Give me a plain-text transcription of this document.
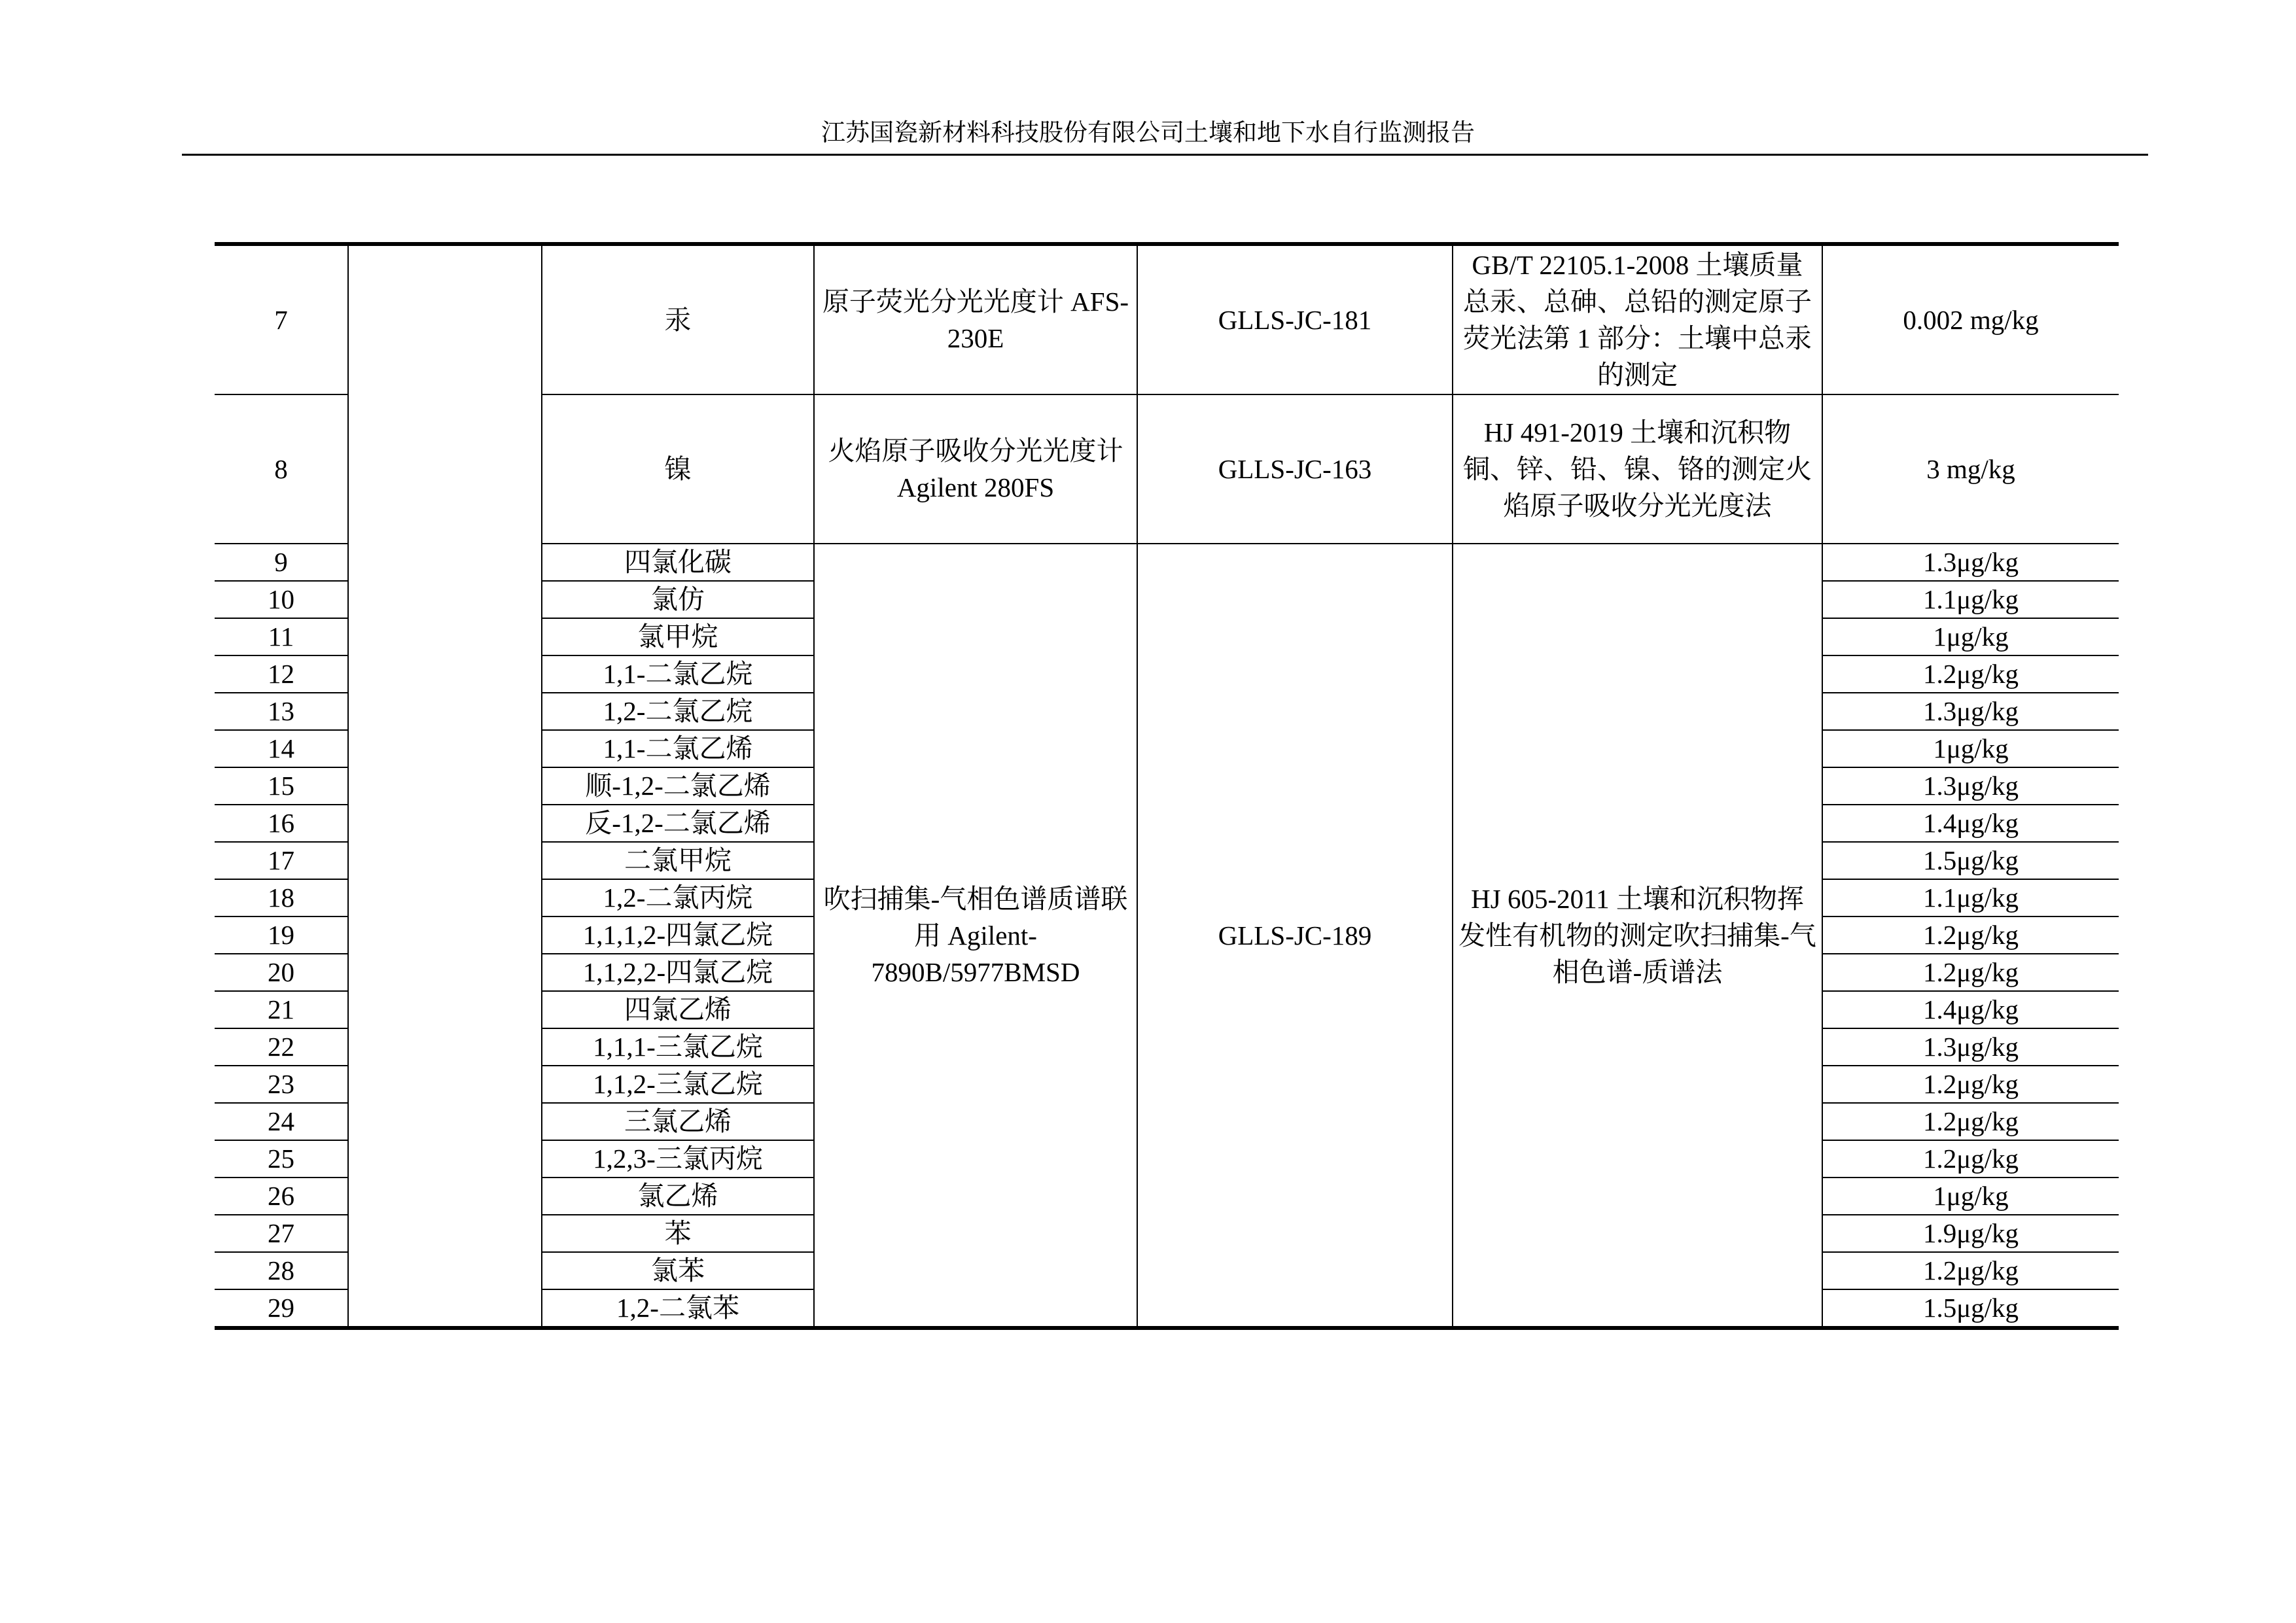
江苏国瓷新材料科技股份有限公司土壤和地下水自行监测报告
7		汞	原子荧光分光光度计 AFS-230E	GLLS-JC-181	GB/T 22105.1-2008 土壤质量总汞、总砷、总铅的测定原子荧光法第 1 部分：土壤中总汞的测定	0.002 mg/kg
8		镍	火焰原子吸收分光光度计 Agilent 280FS	GLLS-JC-163	HJ 491-2019 土壤和沉积物铜、锌、铅、镍、铬的测定火焰原子吸收分光光度法	3 mg/kg
9		四氯化碳	吹扫捕集-气相色谱质谱联用 Agilent-7890B/5977BMSD	GLLS-JC-189	HJ 605-2011 土壤和沉积物挥发性有机物的测定吹扫捕集-气相色谱-质谱法	1.3μg/kg
10		氯仿				1.1μg/kg
11		氯甲烷				1μg/kg
12		1,1-二氯乙烷				1.2μg/kg
13		1,2-二氯乙烷				1.3μg/kg
14		1,1-二氯乙烯				1μg/kg
15		顺-1,2-二氯乙烯				1.3μg/kg
16		反-1,2-二氯乙烯				1.4μg/kg
17		二氯甲烷				1.5μg/kg
18		1,2-二氯丙烷				1.1μg/kg
19		1,1,1,2-四氯乙烷				1.2μg/kg
20		1,1,2,2-四氯乙烷				1.2μg/kg
21		四氯乙烯				1.4μg/kg
22		1,1,1-三氯乙烷				1.3μg/kg
23		1,1,2-三氯乙烷				1.2μg/kg
24		三氯乙烯				1.2μg/kg
25		1,2,3-三氯丙烷				1.2μg/kg
26		氯乙烯				1μg/kg
27		苯				1.9μg/kg
28		氯苯				1.2μg/kg
29		1,2-二氯苯				1.5μg/kg
